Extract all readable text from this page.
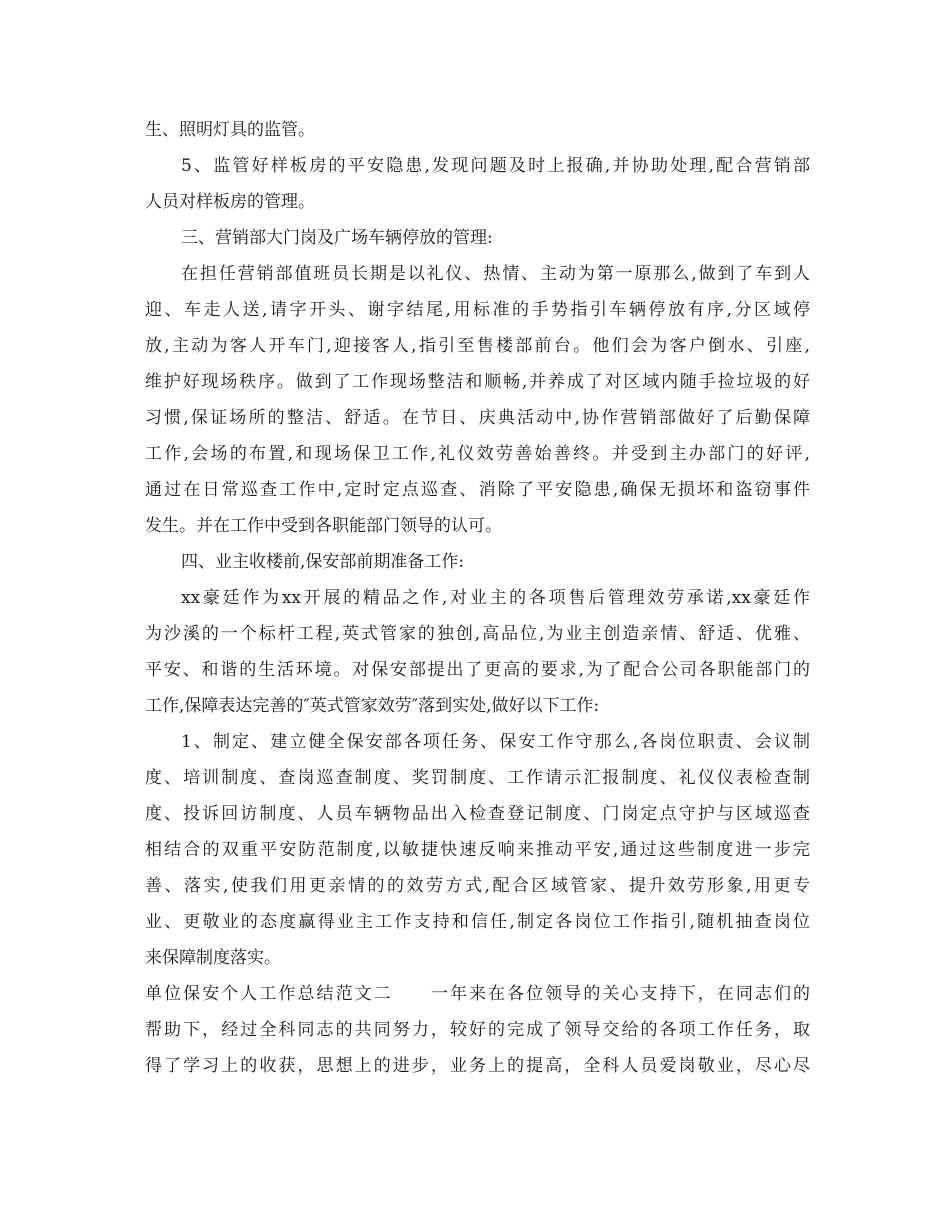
生、照明灯具的监管。
5、监管好样板房的平安隐患,发现问题及时上报确,并协助处理,配合营销部
人员对样板房的管理。
三、营销部大门岗及广场车辆停放的管理:
在担任营销部值班员长期是以礼仪、热情、主动为第一原那么,做到了车到人
迎、车走人送,请字开头、谢字结尾,用标准的手势指引车辆停放有序,分区域停
放,主动为客人开车门,迎接客人,指引至售楼部前台。他们会为客户倒水、引座,
维护好现场秩序。做到了工作现场整洁和顺畅,并养成了对区域内随手捡垃圾的好
习惯,保证场所的整洁、舒适。在节日、庆典活动中,协作营销部做好了后勤保障
工作,会场的布置,和现场保卫工作,礼仪效劳善始善终。并受到主办部门的好评,
通过在日常巡查工作中,定时定点巡查、消除了平安隐患,确保无损坏和盗窃事件
发生。并在工作中受到各职能部门领导的认可。
四、业主收楼前,保安部前期准备工作:
xx豪廷作为xx开展的精品之作,对业主的各项售后管理效劳承诺,xx豪廷作
为沙溪的一个标杆工程,英式管家的独创,高品位,为业主创造亲情、舒适、优雅、
平安、和谐的生活环境。对保安部提出了更高的要求,为了配合公司各职能部门的
工作,保障表达完善的″英式管家效劳″落到实处,做好以下工作:
1、制定、建立健全保安部各项任务、保安工作守那么,各岗位职责、会议制
度、培训制度、查岗巡查制度、奖罚制度、工作请示汇报制度、礼仪仪表检查制
度、投诉回访制度、人员车辆物品出入检查登记制度、门岗定点守护与区域巡查
相结合的双重平安防范制度,以敏捷快速反响来推动平安,通过这些制度进一步完
善、落实,使我们用更亲情的的效劳方式,配合区域管家、提升效劳形象,用更专
业、更敬业的态度赢得业主工作支持和信任,制定各岗位工作指引,随机抽查岗位
来保障制度落实。
单位保安个人工作总结范文二　　一年来在各位领导的关心支持下，在同志们的
帮助下，经过全科同志的共同努力，较好的完成了领导交给的各项工作任务，取
得了学习上的收获，思想上的进步，业务上的提高，全科人员爱岗敬业，尽心尽
